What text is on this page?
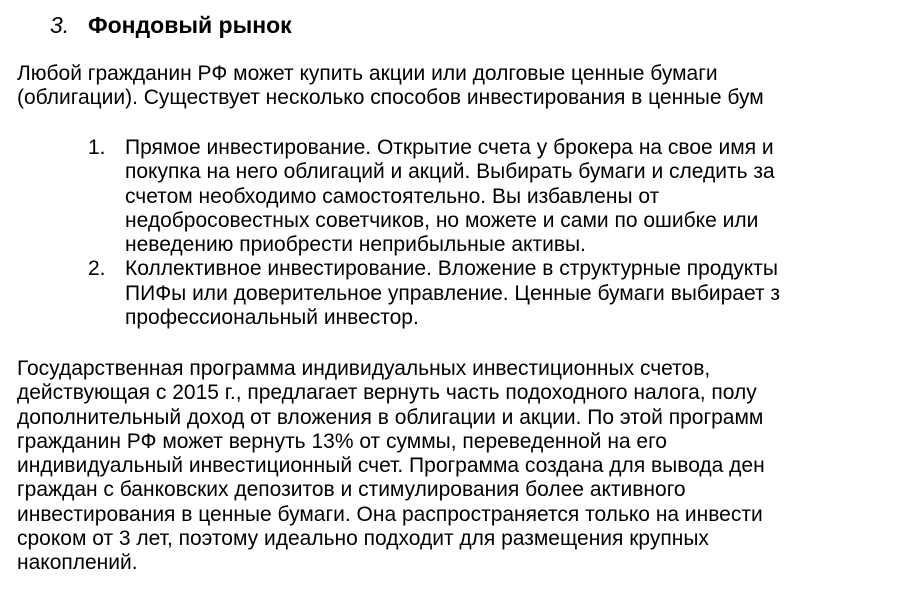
3. Фондовый рынок
Любой гражданин РФ может купить акции или долговые ценные бумаги
(облигации). Существует несколько способов инвестирования в ценные бум
1. Прямое инвестирование. Открытие счета у брокера на свое имя и
покупка на него облигаций и акций. Выбирать бумаги и следить за
счетом необходимо самостоятельно. Вы избавлены от
недобросовестных советчиков, но можете и сами по ошибке или
неведению приобрести неприбыльные активы.
2. Коллективное инвестирование. Вложение в структурные продукты
ПИФы или доверительное управление. Ценные бумаги выбирает з
профессиональный инвестор.
Государственная программа индивидуальных инвестиционных счетов,
действующая с 2015 г., предлагает вернуть часть подоходного налога, полу
дополнительный доход от вложения в облигации и акции. По этой программ
гражданин РФ может вернуть 13% от суммы, переведенной на его
индивидуальный инвестиционный счет. Программа создана для вывода ден
граждан с банковских депозитов и стимулирования более активного
инвестирования в ценные бумаги. Она распространяется только на инвести
сроком от 3 лет, поэтому идеально подходит для размещения крупных
накоплений.
